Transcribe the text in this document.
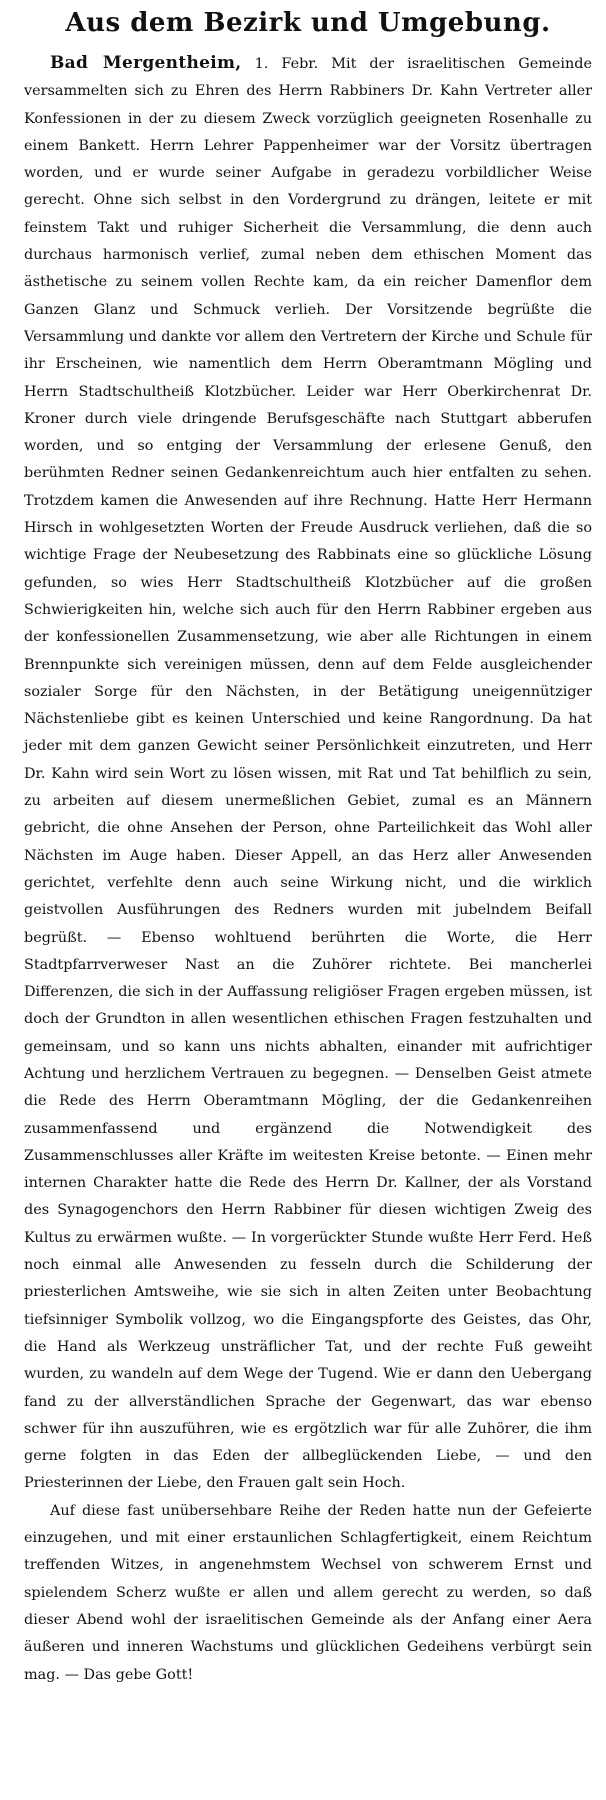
Aus dem Bezirk und Umgebung.

Bad Mergentheim, 1. Febr. Mit der israelitischen Gemeinde versammelten sich zu Ehren des Herrn Rabbiners Dr. Kahn Vertreter aller Konfessionen in der zu diesem Zweck vorzüglich geeigneten Rosenhalle zu einem Bankett. Herrn Lehrer Pappenheimer war der Vorsitz übertragen worden, und er wurde seiner Aufgabe in geradezu vorbildlicher Weise gerecht. Ohne sich selbst in den Vordergrund zu drängen, leitete er mit feinstem Takt und ruhiger Sicherheit die Versammlung, die denn auch durchaus harmonisch verlief, zumal neben dem ethischen Moment das ästhetische zu seinem vollen Rechte kam, da ein reicher Damenflor dem Ganzen Glanz und Schmuck verlieh. Der Vorsitzende begrüßte die Versammlung und dankte vor allem den Vertretern der Kirche und Schule für ihr Erscheinen, wie namentlich dem Herrn Oberamtmann Mögling und Herrn Stadtschultheiß Klotzbücher. Leider war Herr Oberkirchenrat Dr. Kroner durch viele dringende Berufsgeschäfte nach Stuttgart abberufen worden, und so entging der Versammlung der erlesene Genuß, den berühmten Redner seinen Gedankenreichtum auch hier entfalten zu sehen. Trotzdem kamen die Anwesenden auf ihre Rechnung. Hatte Herr Hermann Hirsch in wohlgesetzten Worten der Freude Ausdruck verliehen, daß die so wichtige Frage der Neubesetzung des Rabbinats eine so glückliche Lösung gefunden, so wies Herr Stadtschultheiß Klotzbücher auf die großen Schwierigkeiten hin, welche sich auch für den Herrn Rabbiner ergeben aus der konfessionellen Zusammensetzung, wie aber alle Richtungen in einem Brennpunkte sich vereinigen müssen, denn auf dem Felde ausgleichender sozialer Sorge für den Nächsten, in der Betätigung uneigennütziger Nächstenliebe gibt es keinen Unterschied und keine Rangordnung. Da hat jeder mit dem ganzen Gewicht seiner Persönlichkeit einzutreten, und Herr Dr. Kahn wird sein Wort zu lösen wissen, mit Rat und Tat behilflich zu sein, zu arbeiten auf diesem unermeßlichen Gebiet, zumal es an Männern gebricht, die ohne Ansehen der Person, ohne Parteilichkeit das Wohl aller Nächsten im Auge haben. Dieser Appell, an das Herz aller Anwesenden gerichtet, verfehlte denn auch seine Wirkung nicht, und die wirklich geistvollen Ausführungen des Redners wurden mit jubelndem Beifall begrüßt. — Ebenso wohltuend berührten die Worte, die Herr Stadtpfarrverweser Nast an die Zuhörer richtete. Bei mancherlei Differenzen, die sich in der Auffassung religiöser Fragen ergeben müssen, ist doch der Grundton in allen wesentlichen ethischen Fragen festzuhalten und gemeinsam, und so kann uns nichts abhalten, einander mit aufrichtiger Achtung und herzlichem Vertrauen zu begegnen. — Denselben Geist atmete die Rede des Herrn Oberamtmann Mögling, der die Gedankenreihen zusammenfassend und ergänzend die Notwendigkeit des Zusammenschlusses aller Kräfte im weitesten Kreise betonte. — Einen mehr internen Charakter hatte die Rede des Herrn Dr. Kallner, der als Vorstand des Synagogenchors den Herrn Rabbiner für diesen wichtigen Zweig des Kultus zu erwärmen wußte. — In vorgerückter Stunde wußte Herr Ferd. Heß noch einmal alle Anwesenden zu fesseln durch die Schilderung der priesterlichen Amtsweihe, wie sie sich in alten Zeiten unter Beobachtung tiefsinniger Symbolik vollzog, wo die Eingangspforte des Geistes, das Ohr, die Hand als Werkzeug unsträflicher Tat, und der rechte Fuß geweiht wurden, zu wandeln auf dem Wege der Tugend. Wie er dann den Uebergang fand zu der allverständlichen Sprache der Gegenwart, das war ebenso schwer für ihn auszuführen, wie es ergötzlich war für alle Zuhörer, die ihm gerne folgten in das Eden der allbeglückenden Liebe, — und den Priesterinnen der Liebe, den Frauen galt sein Hoch.

Auf diese fast unübersehbare Reihe der Reden hatte nun der Gefeierte einzugehen, und mit einer erstaunlichen Schlagfertigkeit, einem Reichtum treffenden Witzes, in angenehmstem Wechsel von schwerem Ernst und spielendem Scherz wußte er allen und allem gerecht zu werden, so daß dieser Abend wohl der israelitischen Gemeinde als der Anfang einer Aera äußeren und inneren Wachstums und glücklichen Gedeihens verbürgt sein mag. — Das gebe Gott!
